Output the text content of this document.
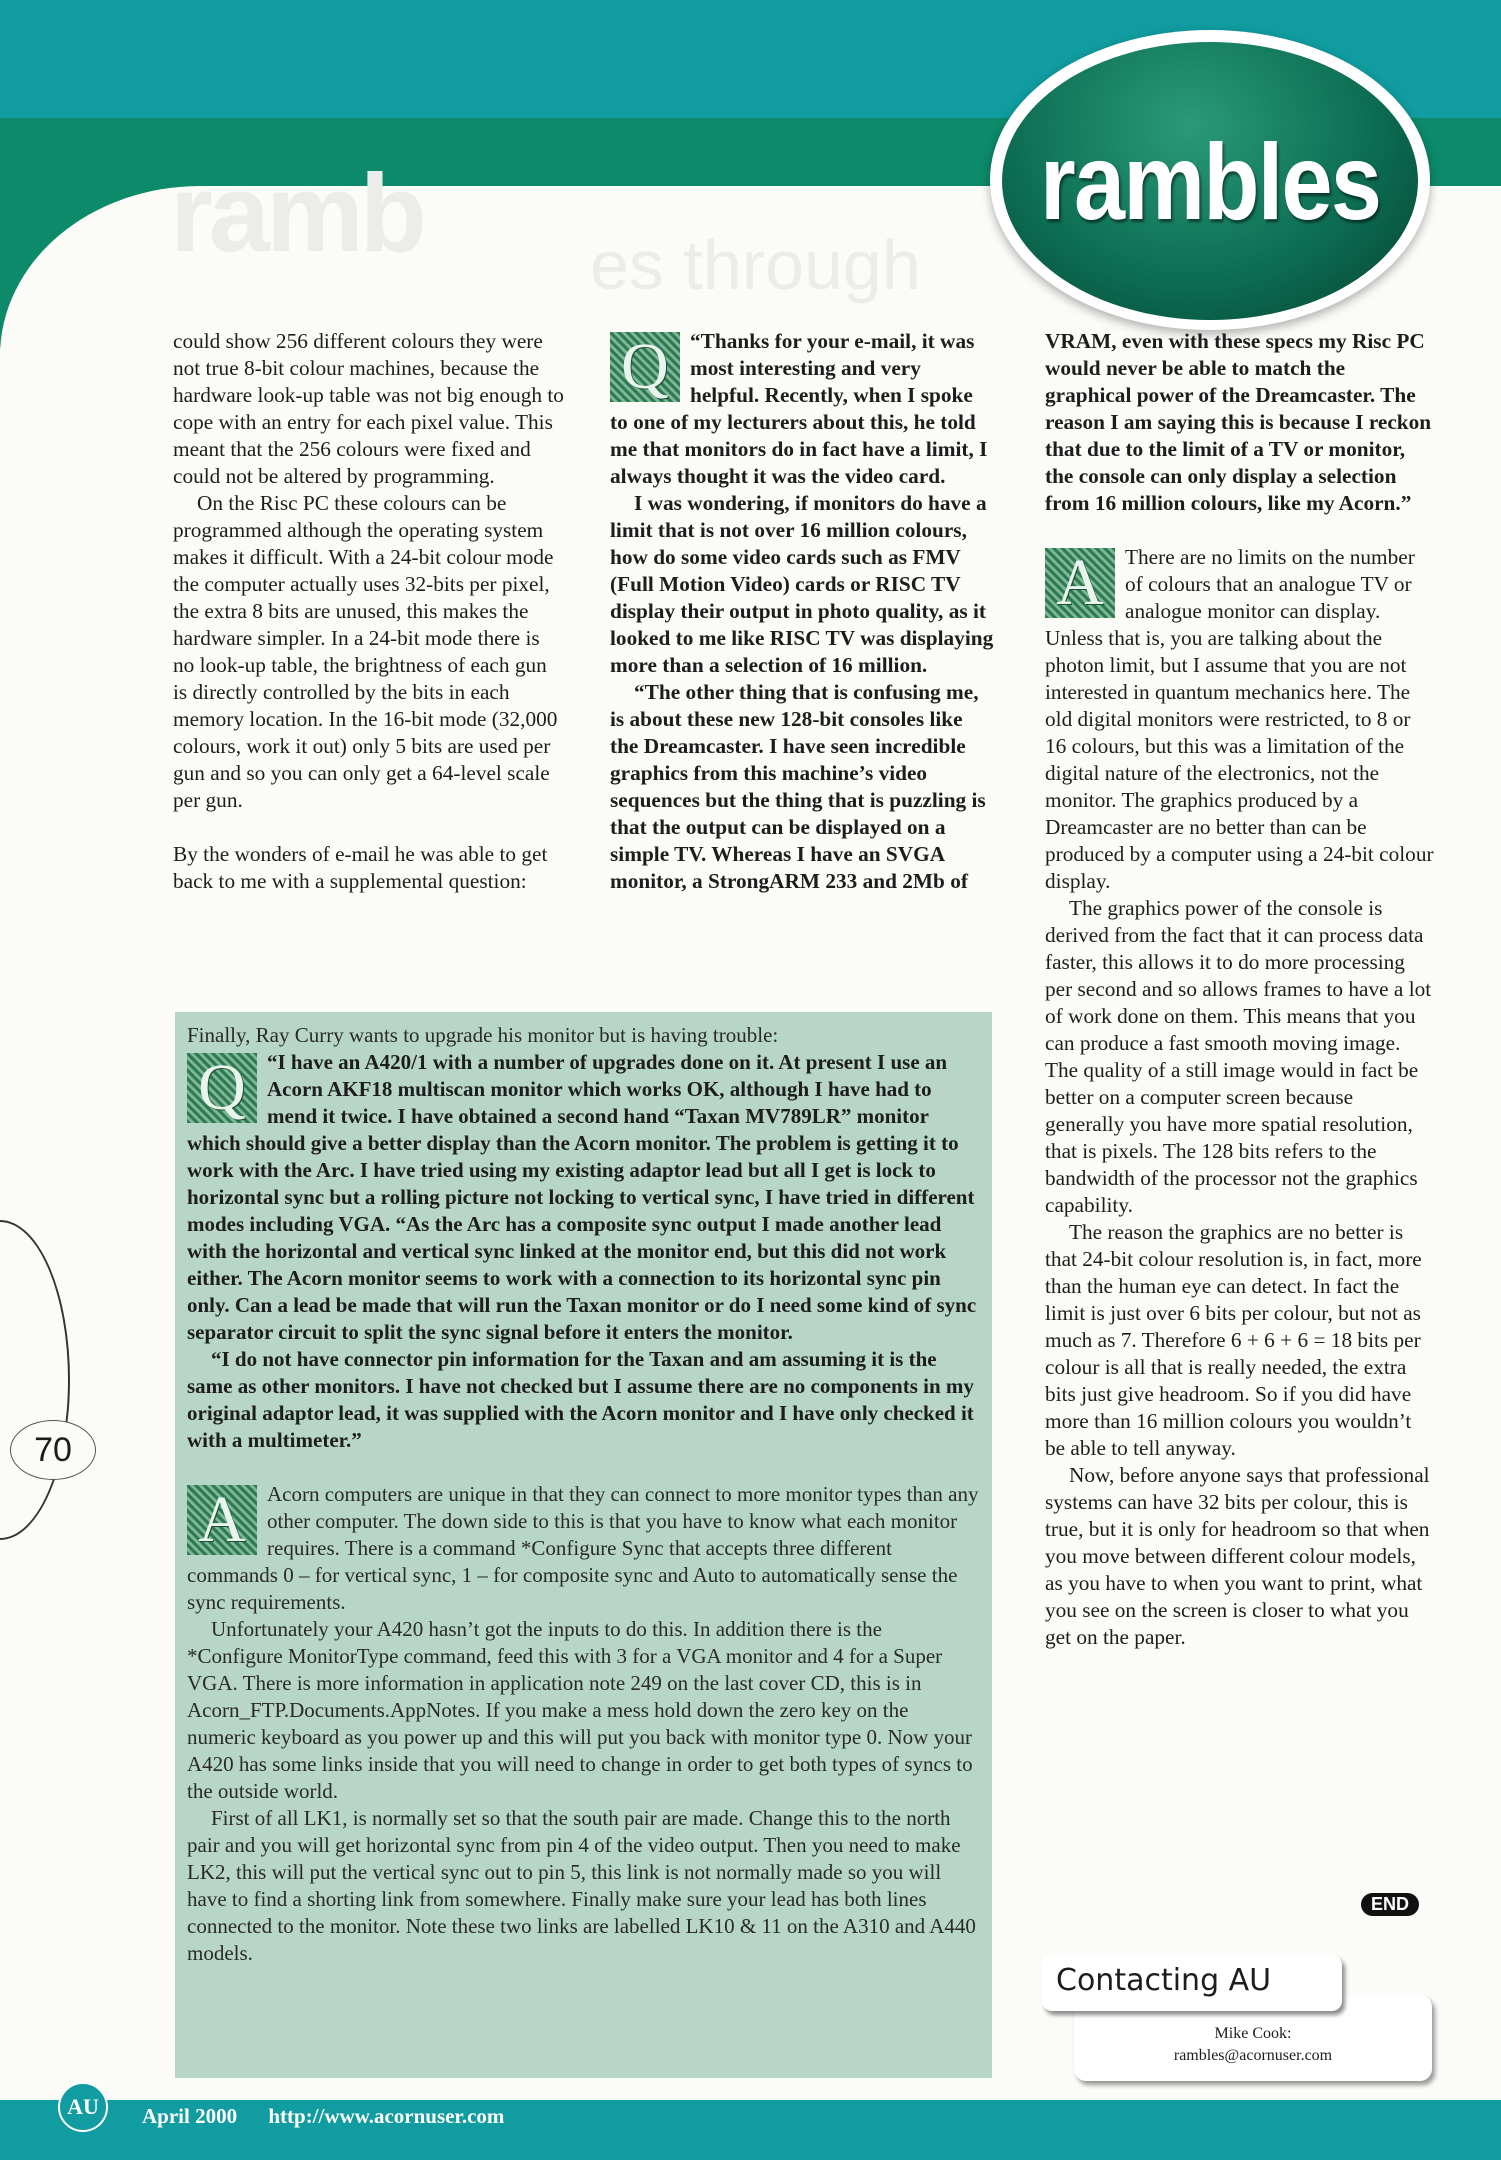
ramb es through
rambles

could show 256 different colours they were not true 8-bit colour machines, because the hardware look-up table was not big enough to cope with an entry for each pixel value. This meant that the 256 colours were fixed and could not be altered by programming.

On the Risc PC these colours can be programmed although the operating system makes it difficult. With a 24-bit colour mode the computer actually uses 32-bits per pixel, the extra 8 bits are unused, this makes the hardware simpler. In a 24-bit mode there is no look-up table, the brightness of each gun is directly controlled by the bits in each memory location. In the 16-bit mode (32,000 colours, work it out) only 5 bits are used per gun and so you can only get a 64-level scale per gun.

By the wonders of e-mail he was able to get back to me with a supplemental question:

Q “Thanks for your e-mail, it was most interesting and very helpful. Recently, when I spoke to one of my lecturers about this, he told me that monitors do in fact have a limit, I always thought it was the video card.

I was wondering, if monitors do have a limit that is not over 16 million colours, how do some video cards such as FMV (Full Motion Video) cards or RISC TV display their output in photo quality, as it looked to me like RISC TV was displaying more than a selection of 16 million.

“The other thing that is confusing me, is about these new 128-bit consoles like the Dreamcaster. I have seen incredible graphics from this machine’s video sequences but the thing that is puzzling is that the output can be displayed on a simple TV. Whereas I have an SVGA monitor, a StrongARM 233 and 2Mb of

VRAM, even with these specs my Risc PC would never be able to match the graphical power of the Dreamcaster. The reason I am saying this is because I reckon that due to the limit of a TV or monitor, the console can only display a selection from 16 million colours, like my Acorn.”

A There are no limits on the number of colours that an analogue TV or analogue monitor can display. Unless that is, you are talking about the photon limit, but I assume that you are not interested in quantum mechanics here. The old digital monitors were restricted, to 8 or 16 colours, but this was a limitation of the digital nature of the electronics, not the monitor. The graphics produced by a Dreamcaster are no better than can be produced by a computer using a 24-bit colour display.

The graphics power of the console is derived from the fact that it can process data faster, this allows it to do more processing per second and so allows frames to have a lot of work done on them. This means that you can produce a fast smooth moving image. The quality of a still image would in fact be better on a computer screen because generally you have more spatial resolution, that is pixels. The 128 bits refers to the bandwidth of the processor not the graphics capability.

The reason the graphics are no better is that 24-bit colour resolution is, in fact, more than the human eye can detect. In fact the limit is just over 6 bits per colour, but not as much as 7. Therefore 6 + 6 + 6 = 18 bits per colour is all that is really needed, the extra bits just give headroom. So if you did have more than 16 million colours you wouldn’t be able to tell anyway.

Now, before anyone says that professional systems can have 32 bits per colour, this is true, but it is only for headroom so that when you move between different colour models, as you have to when you want to print, what you see on the screen is closer to what you get on the paper.

END

Finally, Ray Curry wants to upgrade his monitor but is having trouble:

Q	“I have an A420/1 with a number of upgrades done on it. At present I use an Acorn AKF18 multiscan monitor which works OK, although I have had to mend it twice. I have obtained a second hand “Taxan MV789LR” monitor which should give a better display than the Acorn monitor. The problem is getting it to work with the Arc. I have tried using my existing adaptor lead but all I get is lock to horizontal sync but a rolling picture not locking to vertical sync, I have tried in different modes including VGA. “As the Arc has a composite sync output I made another lead with the horizontal and vertical sync linked at the monitor end, but this did not work either. The Acorn monitor seems to work with a connection to its horizontal sync pin only. Can a lead be made that will run the Taxan monitor or do I need some kind of sync separator circuit to split the sync signal before it enters the monitor.

“I do not have connector pin information for the Taxan and am assuming it is the same as other monitors. I have not checked but I assume there are no components in my original adaptor lead, it was supplied with the Acorn monitor and I have only checked it with a multimeter.”

A	Acorn computers are unique in that they can connect to more monitor types than any other computer. The down side to this is that you have to know what each monitor requires. There is a command *Configure Sync that accepts three different commands 0 – for vertical sync, 1 – for composite sync and Auto to automatically sense the sync requirements.

Unfortunately your A420 hasn’t got the inputs to do this. In addition there is the *Configure MonitorType command, feed this with 3 for a VGA monitor and 4 for a Super VGA. There is more information in application note 249 on the last cover CD, this is in Acorn_FTP.Documents.AppNotes. If you make a mess hold down the zero key on the numeric keyboard as you power up and this will put you back with monitor type 0. Now your A420 has some links inside that you will need to change in order to get both types of syncs to the outside world.

First of all LK1, is normally set so that the south pair are made. Change this to the north pair and you will get horizontal sync from pin 4 of the video output. Then you need to make LK2, this will put the vertical sync out to pin 5, this link is not normally made so you will have to find a shorting link from somewhere. Finally make sure your lead has both lines connected to the monitor. Note these two links are labelled LK10 & 11 on the A310 and A440 models.

Contacting AU
Mike Cook:
rambles@acornuser.com
70
AU	April 2000 http://www.acornuser.com
